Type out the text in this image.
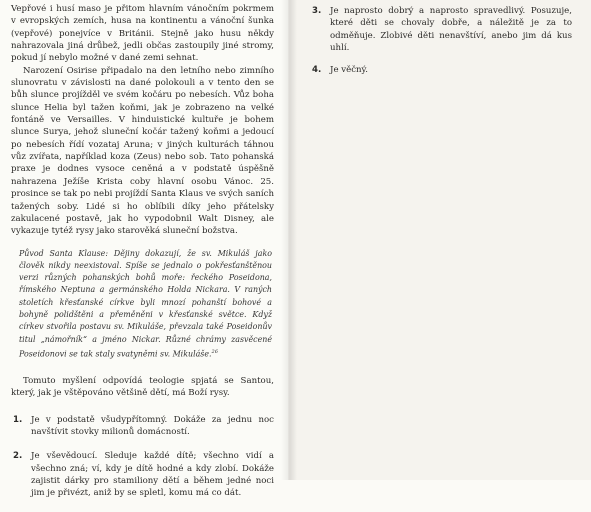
Vepřové i husí maso je přitom hlavním vánočním pokrmem v evropských zemích, husa na kontinentu a vánoční šunka (vepřové) ponejvíce v Británii. Stejně jako husu někdy nahrazovala jiná drůbež, jedli občas zastoupily jiné stromy, pokud jí nebylo možné v dané zemi sehnat.

Narození Osirise připadalo na den letního nebo zimního slunovratu v závislosti na dané polokouli a v tento den se bůh slunce projížděl ve svém kočáru po nebesích. Vůz boha slunce Helia byl tažen koňmi, jak je zobrazeno na velké fontáně ve Versailles. V hinduistické kultuře je bohem slunce Surya, jehož sluneční kočár tažený koňmi a jedoucí po nebesích řídí vozataj Aruna; v jiných kulturách táhnou vůz zvířata, například koza (Zeus) nebo sob. Tato pohanská praxe je dodnes vysoce ceněná a v podstatě úspěšně nahrazena Ježíše Krista coby hlavní osobu Vánoc. 25. prosince se tak po nebi projíždí Santa Klaus ve svých saních tažených soby. Lidé si ho oblíbili díky jeho přátelsky zakulacené postavě, jak ho vypodobnil Walt Disney, ale vykazuje tytéž rysy jako starověká sluneční božstva.

Původ Santa Klause: Dějiny dokazují, že sv. Mikuláš jako člověk nikdy neexistoval. Spíše se jednalo o pokřesťanštěnou verzi různých pohanských bohů moře: řeckého Poseidona, římského Neptuna a germánského Holda Nickara. V raných stoletích křesťanské církve byli mnozí pohanští bohové a bohyně polidštěni a přeměněni v křesťanské světce. Když církev stvořila postavu sv. Mikuláše, převzala také Poseidonův titul „námořník“ a jméno Nickar. Různé chrámy zasvěcené Poseidonovi se tak staly svatyněmi sv. Mikuláše.$^{26}$

Tomuto myšlení odpovídá teologie spjatá se Santou, který, jak je vštěpováno většině dětí, má Boží rysy.

1. Je v podstatě všudypřítomný. Dokáže za jednu noc navštívit stovky milionů domácností.
2. Je vševědoucí. Sleduje každé dítě; všechno vidí a všechno zná; ví, kdy je dítě hodné a kdy zlobí. Dokáže zajistit dárky pro stamiliony dětí a během jedné noci jim je přivézt, aniž by se spletl, komu má co dát.
3. Je naprosto dobrý a naprosto spravedlivý. Posuzuje, které děti se chovaly dobře, a náležitě je za to odměňuje. Zlobivé děti nenavštíví, anebo jim dá kus uhlí.
4. Je věčný.
